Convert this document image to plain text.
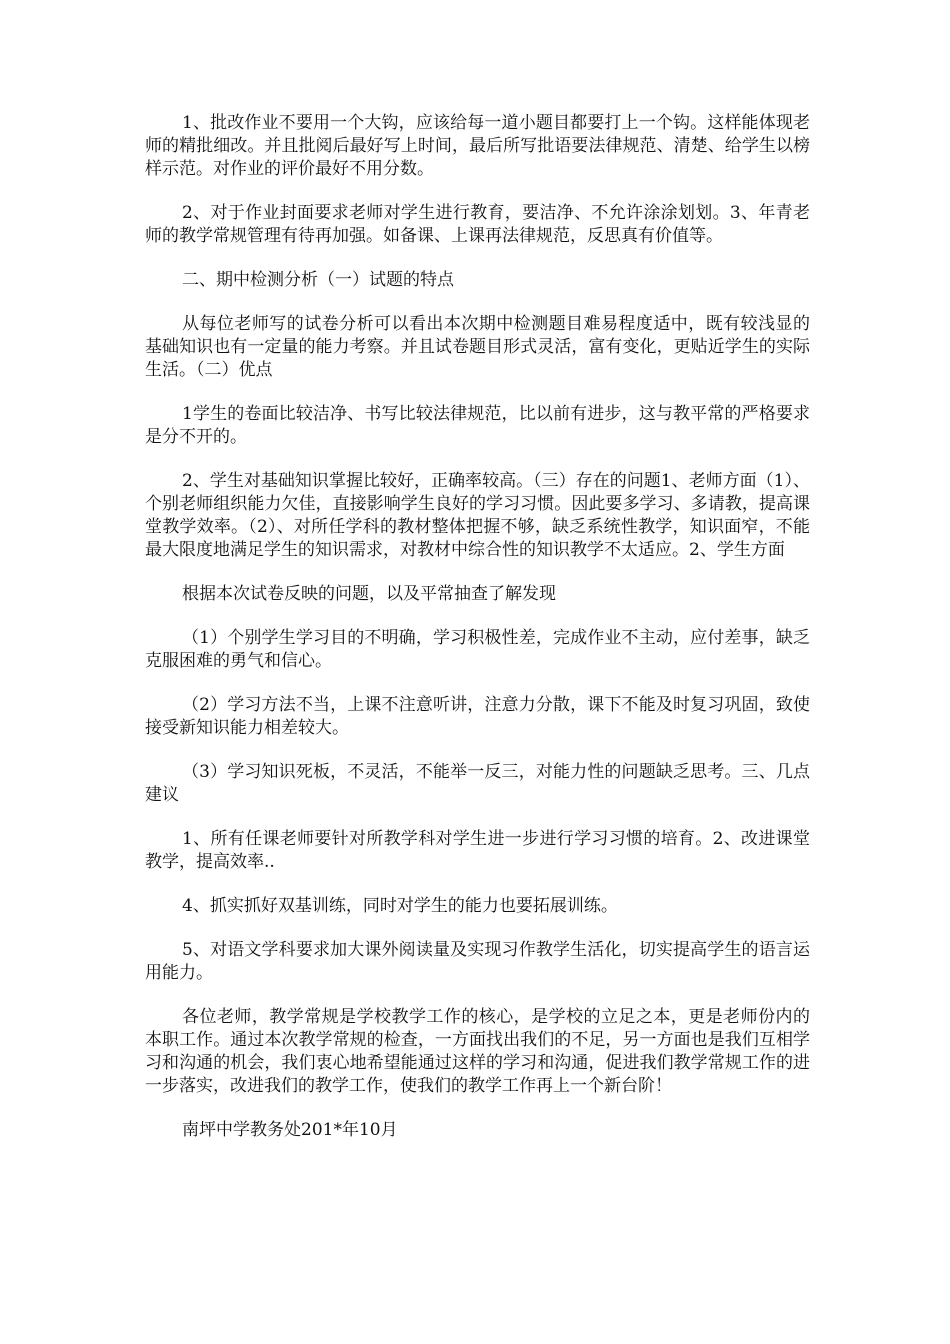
1、批改作业不要用一个大钩，应该给每一道小题目都要打上一个钩。这样能体现老师的精批细改。并且批阅后最好写上时间，最后所写批语要法律规范、清楚、给学生以榜样示范。对作业的评价最好不用分数。

2、对于作业封面要求老师对学生进行教育，要洁净、不允许涂涂划划。3、年青老师的教学常规管理有待再加强。如备课、上课再法律规范，反思真有价值等。

二、期中检测分析（一）试题的特点

从每位老师写的试卷分析可以看出本次期中检测题目难易程度适中，既有较浅显的基础知识也有一定量的能力考察。并且试卷题目形式灵活，富有变化，更贴近学生的实际生活。（二）优点

1学生的卷面比较洁净、书写比较法律规范，比以前有进步，这与教平常的严格要求是分不开的。

2、学生对基础知识掌握比较好，正确率较高。（三）存在的问题1、老师方面（1）、个别老师组织能力欠佳，直接影响学生良好的学习习惯。因此要多学习、多请教，提高课堂教学效率。（2）、对所任学科的教材整体把握不够，缺乏系统性教学，知识面窄，不能最大限度地满足学生的知识需求，对教材中综合性的知识教学不太适应。2、学生方面

根据本次试卷反映的问题，以及平常抽查了解发现

（1）个别学生学习目的不明确，学习积极性差，完成作业不主动，应付差事，缺乏克服困难的勇气和信心。

（2）学习方法不当，上课不注意听讲，注意力分散，课下不能及时复习巩固，致使接受新知识能力相差较大。

（3）学习知识死板，不灵活，不能举一反三，对能力性的问题缺乏思考。三、几点建议

1、所有任课老师要针对所教学科对学生进一步进行学习习惯的培育。2、改进课堂教学，提高效率..

4、抓实抓好双基训练，同时对学生的能力也要拓展训练。

5、对语文学科要求加大课外阅读量及实现习作教学生活化，切实提高学生的语言运用能力。

各位老师，教学常规是学校教学工作的核心，是学校的立足之本，更是老师份内的本职工作。通过本次教学常规的检查，一方面找出我们的不足，另一方面也是我们互相学习和沟通的机会，我们衷心地希望能通过这样的学习和沟通，促进我们教学常规工作的进一步落实，改进我们的教学工作，使我们的教学工作再上一个新台阶！

南坪中学教务处201*年10月
